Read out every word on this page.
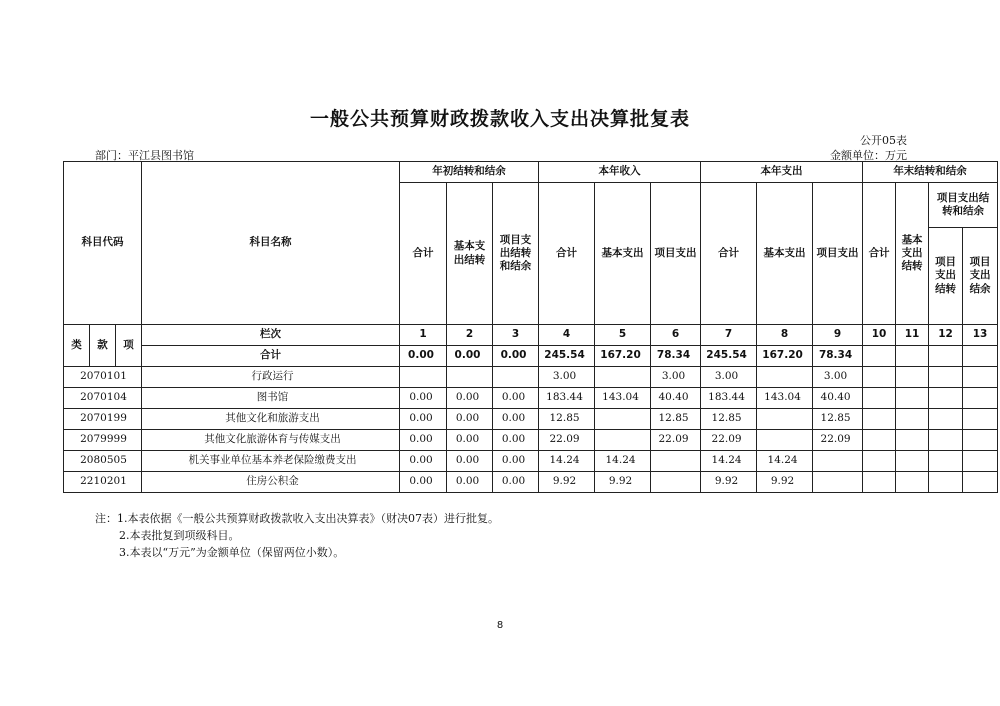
一般公共预算财政拨款收入支出决算批复表
公开05表
部门：平江县图书馆	金额单位：万元
科目代码			科目名称	年初结转和结余			本年收入			本年支出			年末结转和结余			
				合计	基本支出结转	项目支出结转和结余	合计	基本支出	项目支出	合计	基本支出	项目支出	合计	基本支出结转	项目支出结转和结余	
															项目支出结转	项目支出结余
类	款	项	栏次	1	2	3	4	5	6	7	8	9	10	11	12	13
			合计	0.00	0.00	0.00	245.54	167.20	78.34	245.54	167.20	78.34				
2070101			行政运行				3.00		3.00	3.00		3.00				
2070104			图书馆	0.00	0.00	0.00	183.44	143.04	40.40	183.44	143.04	40.40				
2070199			其他文化和旅游支出	0.00	0.00	0.00	12.85		12.85	12.85		12.85				
2079999			其他文化旅游体育与传媒支出	0.00	0.00	0.00	22.09		22.09	22.09		22.09				
2080505			机关事业单位基本养老保险缴费支出	0.00	0.00	0.00	14.24	14.24		14.24	14.24					
2210201			住房公积金	0.00	0.00	0.00	9.92	9.92		9.92	9.92					
注：1.本表依据《一般公共预算财政拨款收入支出决算表》（财决07表）进行批复。
2.本表批复到项级科目。
3.本表以“万元”为金额单位（保留两位小数）。
8
